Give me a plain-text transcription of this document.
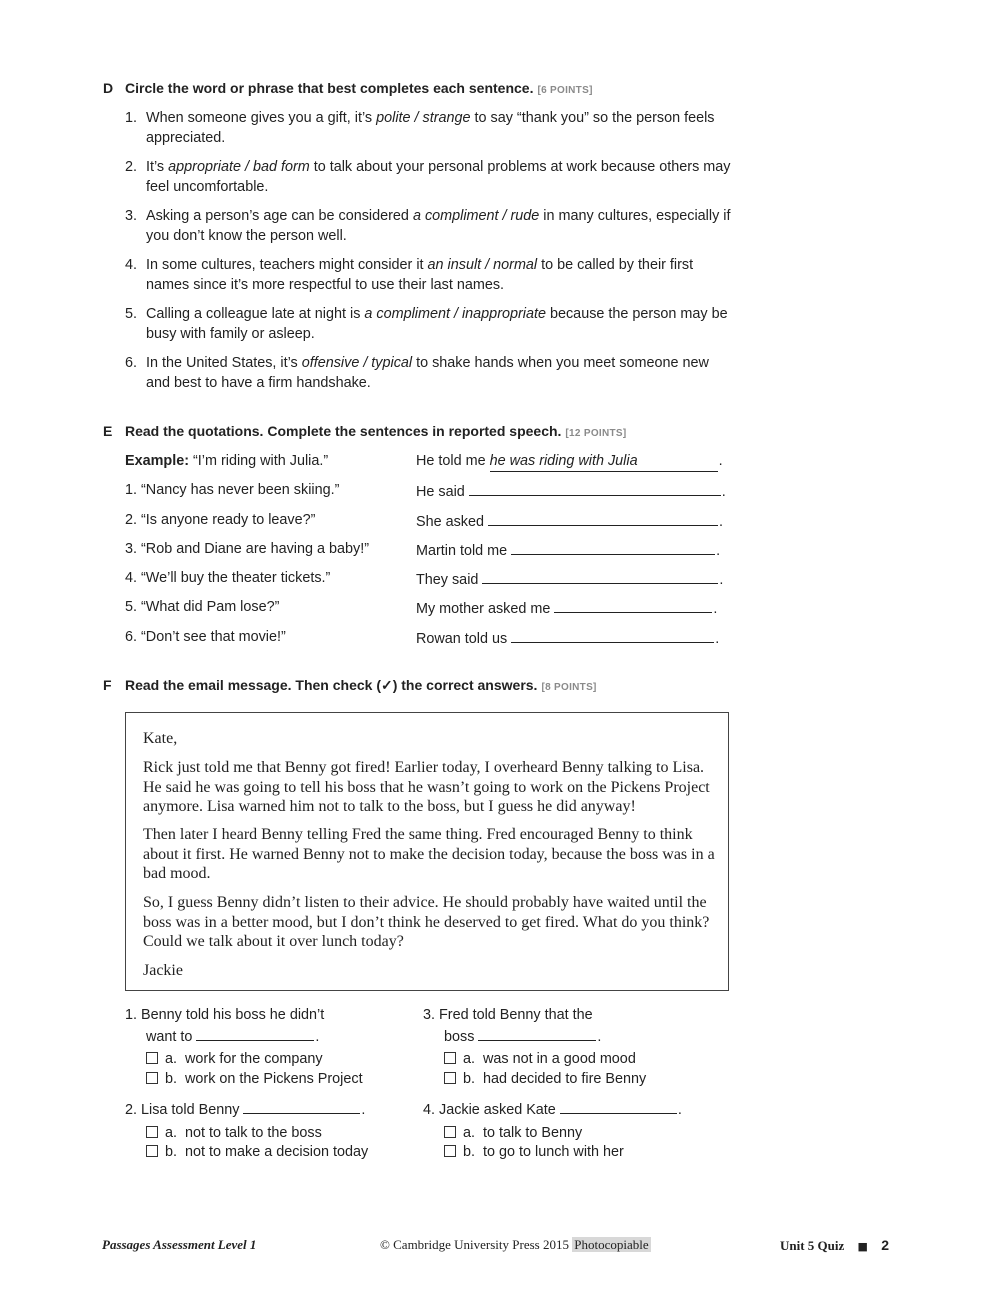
D Circle the word or phrase that best completes each sentence. [6 POINTS]
1. When someone gives you a gift, it’s polite / strange to say “thank you” so the person feels appreciated.
2. It’s appropriate / bad form to talk about your personal problems at work because others may feel uncomfortable.
3. Asking a person’s age can be considered a compliment / rude in many cultures, especially if you don’t know the person well.
4. In some cultures, teachers might consider it an insult / normal to be called by their first names since it’s more respectful to use their last names.
5. Calling a colleague late at night is a compliment / inappropriate because the person may be busy with family or asleep.
6. In the United States, it’s offensive / typical to shake hands when you meet someone new and best to have a firm handshake.
E Read the quotations. Complete the sentences in reported speech. [12 POINTS]
Example: “I’m riding with Julia.”	He told me he was riding with Julia	.
1. “Nancy has never been skiing.”	He said	.
2. “Is anyone ready to leave?”	She asked	.
3. “Rob and Diane are having a baby!”	Martin told me	.
4. “We’ll buy the theater tickets.”	They said	.
5. “What did Pam lose?”	My mother asked me	.
6. “Don’t see that movie!”	Rowan told us	.
F Read the email message. Then check (✓) the correct answers. [8 POINTS]
Kate,
Rick just told me that Benny got fired! Earlier today, I overheard Benny talking to Lisa. He said he was going to tell his boss that he wasn’t going to work on the Pickens Project anymore. Lisa warned him not to talk to the boss, but I guess he did anyway!
Then later I heard Benny telling Fred the same thing. Fred encouraged Benny to think about it first. He warned Benny not to make the decision today, because the boss was in a bad mood.
So, I guess Benny didn’t listen to their advice. He should probably have waited until the boss was in a better mood, but I don’t think he deserved to get fired. What do you think? Could we talk about it over lunch today?
Jackie
1. Benny told his boss he didn’t
want to	.
a. work for the company
b. work on the Pickens Project
2. Lisa told Benny	.
a. not to talk to the boss
b. not to make a decision today
3. Fred told Benny that the
boss	.
a. was not in a good mood
b. had decided to fire Benny
4. Jackie asked Kate	.
a. to talk to Benny
b. to go to lunch with her
Passages Assessment Level 1	© Cambridge University Press 2015 Photocopiable	Unit 5 Quiz ■ 2
